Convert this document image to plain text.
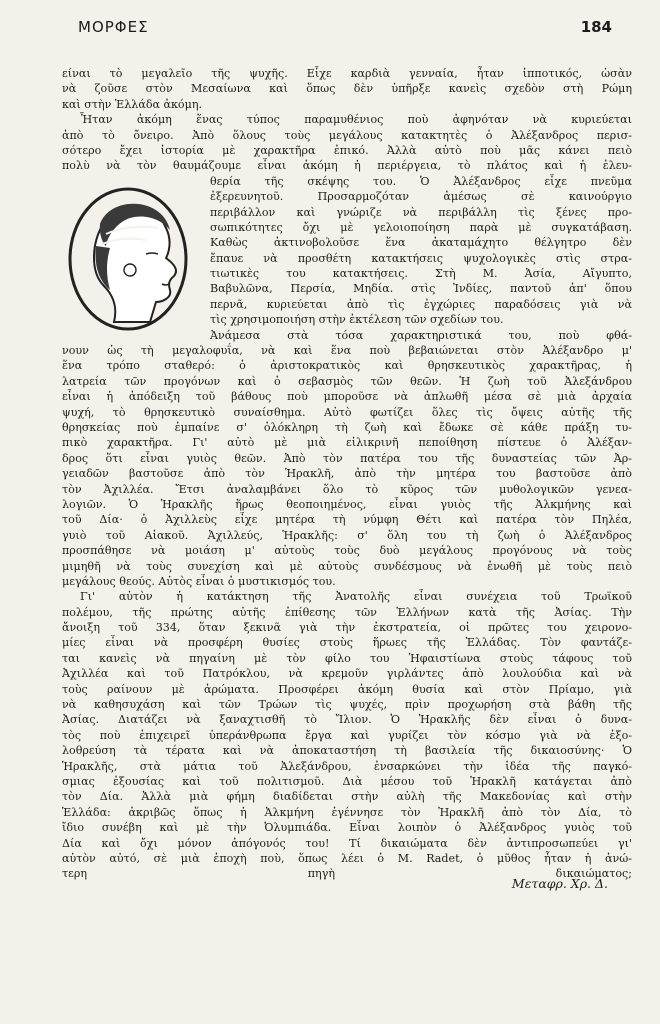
ΜΟΡΦΕΣ	184
είναι τὸ μεγαλεῖο τῆς ψυχῆς. Εἶχε καρδιὰ γενναία, ἦταν ἱπποτικός, ὡσὰν
νὰ ζοῦσε στὸν Μεσαίωνα καὶ ὅπως δὲν ὑπῆρξε κανεὶς σχεδὸν στὴ Ρώμη
καὶ στὴν Ἑλλάδα ἀκόμη.
Ἦταν ἀκόμη ἕνας τύπος παραμυθένιος ποὺ ἀφηνόταν νὰ κυριεύεται
ἀπὸ τὸ ὄνειρο. Ἀπὸ ὅλους τοὺς μεγάλους κατακτητὲς ὁ Ἀλέξανδρος περισ-
σότερο ἔχει ἱστορία μὲ χαρακτῆρα ἐπικό. Ἀλλὰ αὐτὸ ποὺ μᾶς κάνει πειὸ
πολὺ νὰ τὸν θαυμάζουμε εἶναι ἀκόμη ἡ περιέργεια, τὸ πλάτος καὶ ἡ ἐλευ-
θερία τῆς σκέψης του. Ὁ Ἀλέξανδρος εἶχε πνεῦμα
ἐξερευνητοῦ. Προσαρμοζόταν ἀμέσως σὲ καινούργιο
περιβάλλον καὶ γνώριζε νὰ περιβάλλη τὶς ξένες προ-
σωπικότητες ὄχι μὲ γελοιοποίηση παρὰ μὲ συγκατάβαση.
Καθὼς ἀκτινοβολοῦσε ἕνα ἀκαταμάχητο θέλγητρο δὲν
ἔπαυε νὰ προσθέτη κατακτήσεις ψυχολογικὲς στὶς στρα-
τιωτικὲς του κατακτήσεις. Στὴ Μ. Ἀσία, Αἴγυπτο,
Βαβυλῶνα, Περσία, Μηδία. στὶς Ἰνδίες, παντοῦ ἀπ' ὅπου
περνᾶ, κυριεύεται ἀπὸ τὶς ἐγχώριες παραδόσεις γιὰ νὰ
τὶς χρησιμοποιήση στὴν ἐκτέλεση τῶν σχεδίων του.
Ἀνάμεσα στὰ τόσα χαρακτηριστικά του, ποὺ φθά-
νουν ὡς τὴ μεγαλοφυΐα, νὰ καὶ ἕνα ποὺ βεβαιώνεται στὸν Ἀλέξανδρο μ'
ἕνα τρόπο σταθερό: ὁ ἀριστοκρατικὸς καὶ θρησκευτικὸς χαρακτῆρας, ἡ
λατρεία τῶν προγόνων καὶ ὁ σεβασμὸς τῶν θεῶν. Ἡ ζωὴ τοῦ Ἀλεξάνδρου
εἶναι ἡ ἀπόδειξη τοῦ βάθους ποὺ μποροῦσε νὰ ἁπλωθῆ μέσα σὲ μιὰ ἀρχαία
ψυχή, τὸ θρησκευτικὸ συναίσθημα. Αὐτὸ φωτίζει ὅλες τὶς ὄψεις αὐτῆς τῆς
θρησκείας ποὺ ἐμπαίνε σ' ὁλόκληρη τὴ ζωὴ καὶ ἔδωκε σὲ κάθε πράξη τυ-
πικὸ χαρακτῆρα. Γι' αὐτὸ μὲ μιὰ εἰλικρινῆ πεποίθηση πίστευε ὁ Ἀλέξαν-
δρος ὅτι εἶναι γυιὸς θεῶν. Ἀπὸ τὸν πατέρα του τῆς δυναστείας τῶν Ἀρ-
γειαδῶν βαστοῦσε ἀπὸ τὸν Ἡρακλῆ, ἀπὸ τὴν μητέρα του βαστοῦσε ἀπὸ
τὸν Ἀχιλλέα. Ἔτσι ἀναλαμβάνει ὅλο τὸ κῦρος τῶν μυθολογικῶν γενεα-
λογιῶν. Ὁ Ἡρακλῆς ἥρως θεοποιημένος, εἶναι γυιὸς τῆς Ἀλκμήνης καὶ
τοῦ Δία· ὁ Ἀχιλλεὺς εἶχε μητέρα τὴ νύμφη Θέτι καὶ πατέρα τὸν Πηλέα,
γυιὸ τοῦ Αἰακοῦ. Ἀχιλλεύς, Ἡρακλῆς: σ' ὅλη του τὴ ζωὴ ὁ Ἀλέξανδρος
προσπάθησε νὰ μοιάση μ' αὐτοὺς τοὺς δυὸ μεγάλους προγόνους νὰ τοὺς
μιμηθῆ νὰ τοὺς συνεχίση καὶ μὲ αὐτοὺς συνδέσμους νὰ ἑνωθῆ μὲ τοὺς πειὸ
μεγάλους θεούς. Αὐτὸς εἶναι ὁ μυστικισμός του.
Γι' αὐτὸν ἡ κατάκτηση τῆς Ἀνατολῆς εἶναι συνέχεια τοῦ Τρωϊκοῦ
πολέμου, τῆς πρώτης αὐτῆς ἐπίθεσης τῶν Ἑλλήνων κατὰ τῆς Ἀσίας. Τὴν
ἄνοιξη τοῦ 334, ὅταν ξεκινᾶ γιὰ τὴν ἐκστρατεία, οἱ πρῶτες του χειρονο-
μίες εἶναι νὰ προσφέρη θυσίες στοὺς ἥρωες τῆς Ἑλλάδας. Τὸν φαντάζε-
ται κανεὶς νὰ πηγαίνη μὲ τὸν φίλο του Ἡφαιστίωνα στοὺς τάφους τοῦ
Ἀχιλλέα καὶ τοῦ Πατρόκλου, νὰ κρεμοῦν γιρλάντες ἀπὸ λουλούδια καὶ νὰ
τοὺς ραίνουν μὲ ἀρώματα. Προσφέρει ἀκόμη θυσία καὶ στὸν Πρίαμο, γιὰ
νὰ καθησυχάση καὶ τῶν Τρώων τὶς ψυχές, πρὶν προχωρήση στὰ βάθη τῆς
Ἀσίας. Διατάζει νὰ ξαναχτισθῆ τὸ Ἴλιον. Ὁ Ἡρακλῆς δὲν εἶναι ὁ δυνα-
τὸς ποὺ ἐπιχειρεῖ ὑπεράνθρωπα ἔργα καὶ γυρίζει τὸν κόσμο γιὰ νὰ ἐξο-
λοθρεύση τὰ τέρατα καὶ νὰ ἀποκαταστήση τὴ βασιλεία τῆς δικαιοσύνης· Ὁ
Ἡρακλῆς, στὰ μάτια τοῦ Ἀλεξάνδρου, ἐνσαρκώνει τὴν ἰδέα τῆς παγκό-
σμιας ἐξουσίας καὶ τοῦ πολιτισμοῦ. Διὰ μέσου τοῦ Ἡρακλῆ κατάγεται ἀπὸ
τὸν Δία. Ἀλλὰ μιὰ φήμη διαδίδεται στὴν αὐλὴ τῆς Μακεδονίας καὶ στὴν
Ἑλλάδα: ἀκριβῶς ὅπως ἡ Ἀλκμήνη ἐγέννησε τὸν Ἡρακλῆ ἀπὸ τὸν Δία, τὸ
ἴδιο συνέβη καὶ μὲ τὴν Ὀλυμπιάδα. Εἶναι λοιπὸν ὁ Ἀλέξανδρος γυιὸς τοῦ
Δία καὶ ὄχι μόνον ἀπόγονός του! Τί δικαιώματα δὲν ἀντιπροσωπεύει γι'
αὐτὸν αὐτό, σὲ μιὰ ἐποχὴ ποὺ, ὅπως λέει ὁ M. Radet, ὁ μῦθος ἦταν ἡ ἀνώ-
τερη πηγὴ δικαιώματος;
Μεταφρ. Χρ. Δ.
